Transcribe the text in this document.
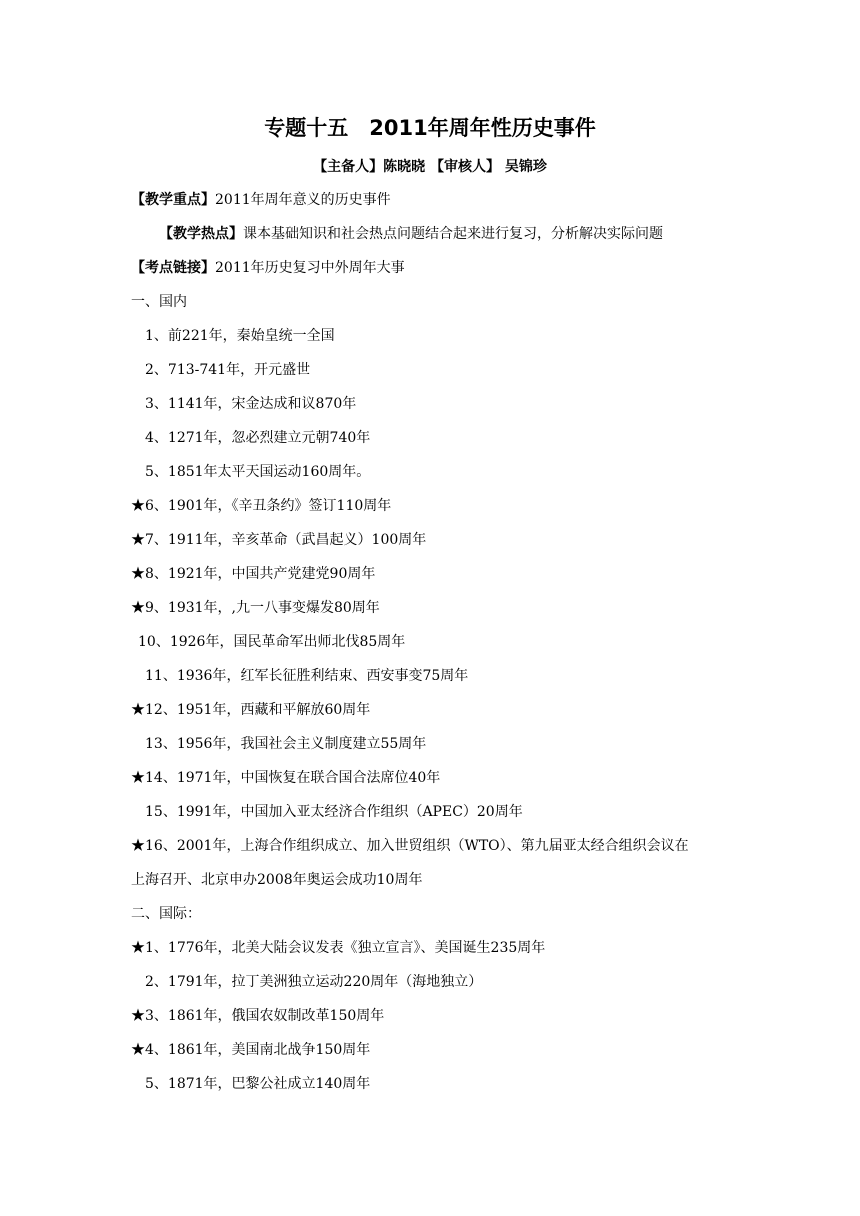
专题十五　2011年周年性历史事件
【主备人】陈晓晓 【审核人】 吴锦珍
【教学重点】2011年周年意义的历史事件
【教学热点】课本基础知识和社会热点问题结合起来进行复习，分析解决实际问题
【考点链接】2011年历史复习中外周年大事
一、国内
1、前221年，秦始皇统一全国
2、713-741年，开元盛世
3、1141年，宋金达成和议870年
4、1271年，忽必烈建立元朝740年
5、1851年太平天国运动160周年。
★6、1901年，《辛丑条约》签订110周年
★7、1911年，辛亥革命（武昌起义）100周年
★8、1921年，中国共产党建党90周年
★9、1931年，,九一八事变爆发80周年
10、1926年，国民革命军出师北伐85周年
11、1936年，红军长征胜利结束、西安事变75周年
★12、1951年，西藏和平解放60周年
13、1956年，我国社会主义制度建立55周年
★14、1971年，中国恢复在联合国合法席位40年
15、1991年，中国加入亚太经济合作组织（APEC）20周年
★16、2001年，上海合作组织成立、加入世贸组织（WTO）、第九届亚太经合组织会议在
上海召开、北京申办2008年奥运会成功10周年
二、国际：
★1、1776年，北美大陆会议发表《独立宣言》、美国诞生235周年
2、1791年，拉丁美洲独立运动220周年（海地独立）
★3、1861年，俄国农奴制改革150周年
★4、1861年，美国南北战争150周年
5、1871年，巴黎公社成立140周年
